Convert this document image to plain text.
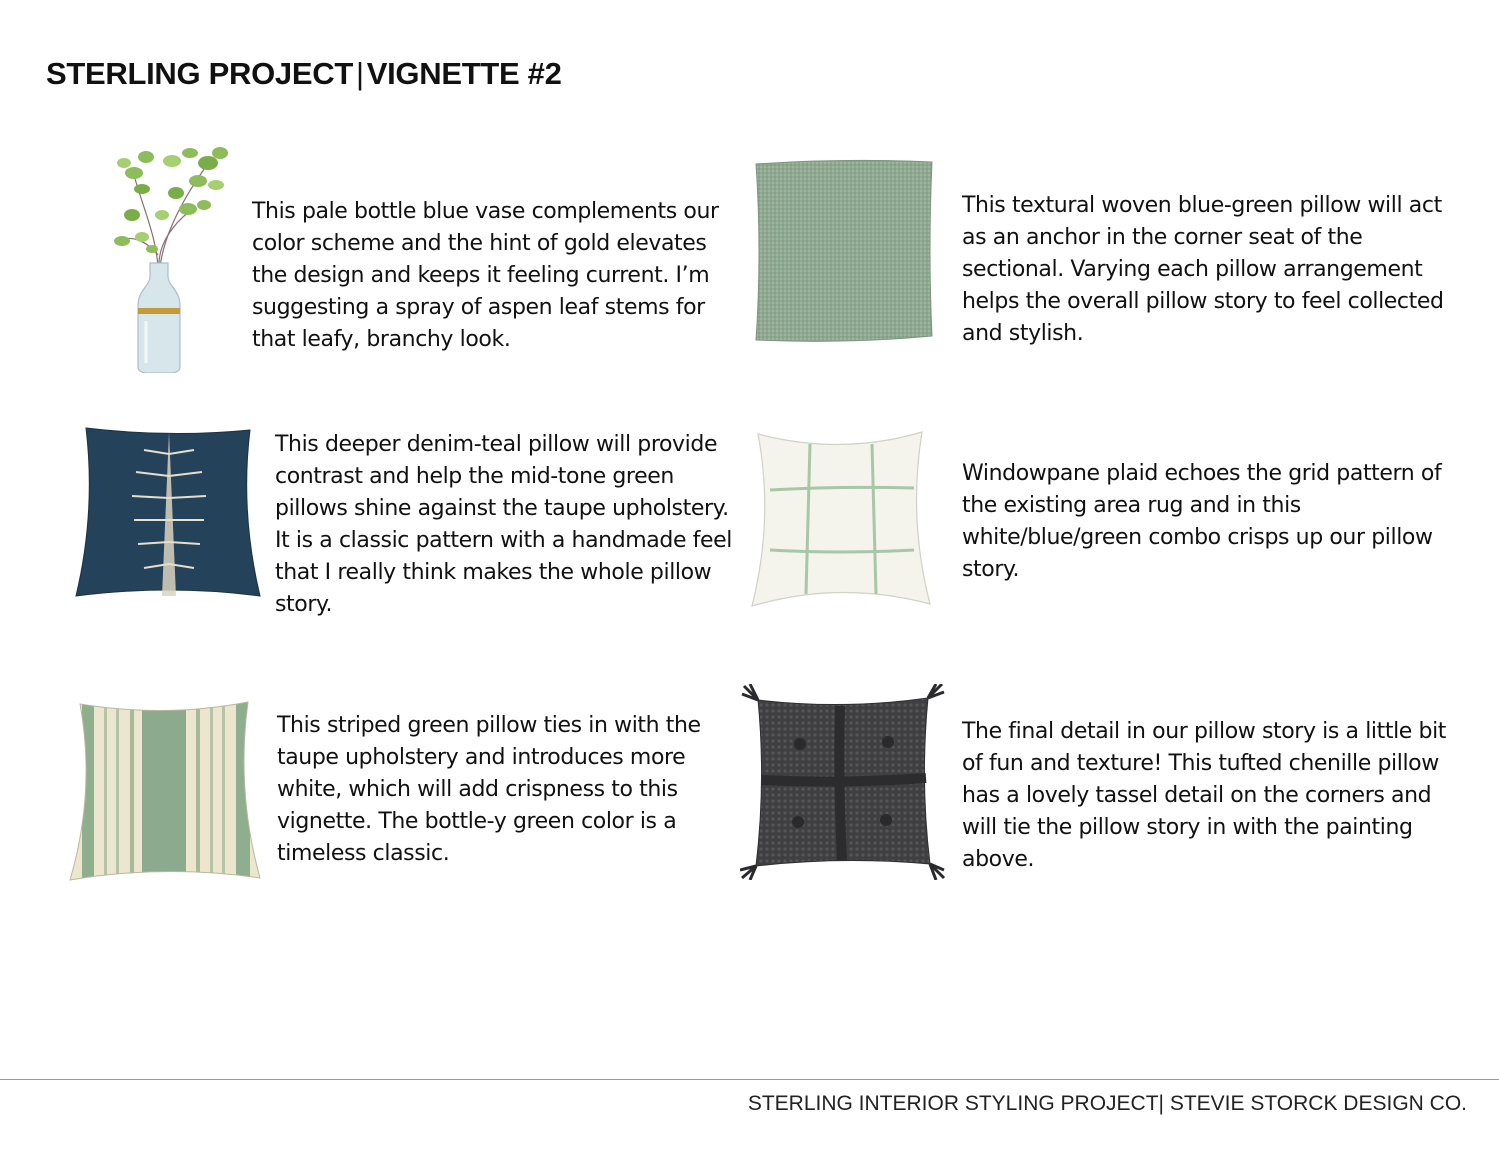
STERLING PROJECT|VIGNETTE #2
This pale bottle blue vase complements our color scheme and the hint of gold elevates the design and keeps it feeling current. I’m suggesting a spray of aspen leaf stems for that leafy, branchy look.
This textural woven blue-green pillow will act as an anchor in the corner seat of the sectional. Varying each pillow arrangement helps the overall pillow story to feel collected and stylish.
This deeper denim-teal pillow will provide contrast and help the mid-tone green pillows shine against the taupe upholstery. It is a classic pattern with a handmade feel that I really think makes the whole pillow story.
Windowpane plaid echoes the grid pattern of the existing area rug and in this white/blue/green combo crisps up our pillow story.
This striped green pillow ties in with the taupe upholstery and introduces more white, which will add crispness to this vignette. The bottle-y green color is a timeless classic.
The final detail in our pillow story is a little bit of fun and texture! This tufted chenille pillow has a lovely tassel detail on the corners and will tie the pillow story in with the painting above.
STERLING INTERIOR STYLING PROJECT| STEVIE STORCK DESIGN CO.
